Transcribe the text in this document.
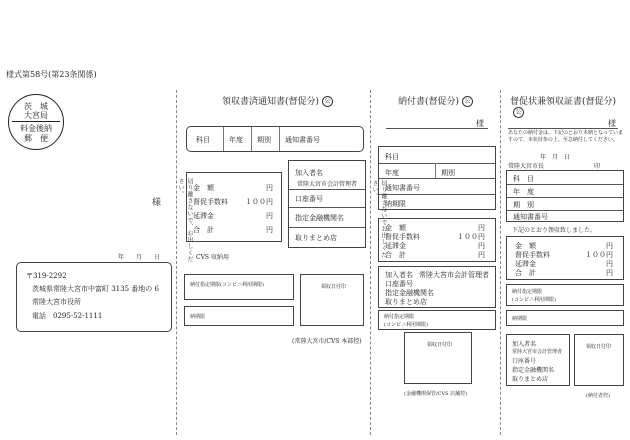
様式第58号(第23条関係)
茨　城
大宮局
料金後納
郵　便
様
年　　月　　日
〒319-2292
茨城県常陸大宮市中富町 3135 番地の 6
常陸大宮市役所
電話　0295-52-1111
領収書済通知書(督促分) 公
科目	年度 期別 通知書番号
切り離さないで、お出しください。	金　額	円
督促手数料 １００円
延滞金	円
合　計	円
加入者名
常陸大宮市会計管理者
口座番号
指定金融機関名
取りまとめ店
CVS 収納用
納付指定期限(コンビニ利用期限)
納期限
領収日付印
(常陸大宮市/CVS 本部控)
納付書(督促分) 公
様
切り離さないでお出しください。
科目
年度	期別
通知書番号
納期限
金　額	円
督促手数料	１００円
延滞金	円
合　計	円
加入者名 常陸大宮市会計管理者
口座番号
指定金融機関名
取りまとめ店
納付指定期限
(コンビニ利用期限)
領収日付印
(金融機関保管/CVS 店舗控)
督促状兼領収証書(督促分)公
様
あなたの納付金は、下記のとおり未納となっていますので、本状持参の上、至急納付してください。
年　月　日
常陸大宮市長	印
科　目
年　度
期　別
通知書番号
下記のとおり領収致しました。
金　額	円
督促手数料	１００円
延滞金	円
合　計	円
納付指定期限
(コンビニ利用期限)
納期限
加入者名
常陸大宮市会計管理者
口座番号
指定金融機関名
取りまとめ店
領収日付印
(納付者控)
